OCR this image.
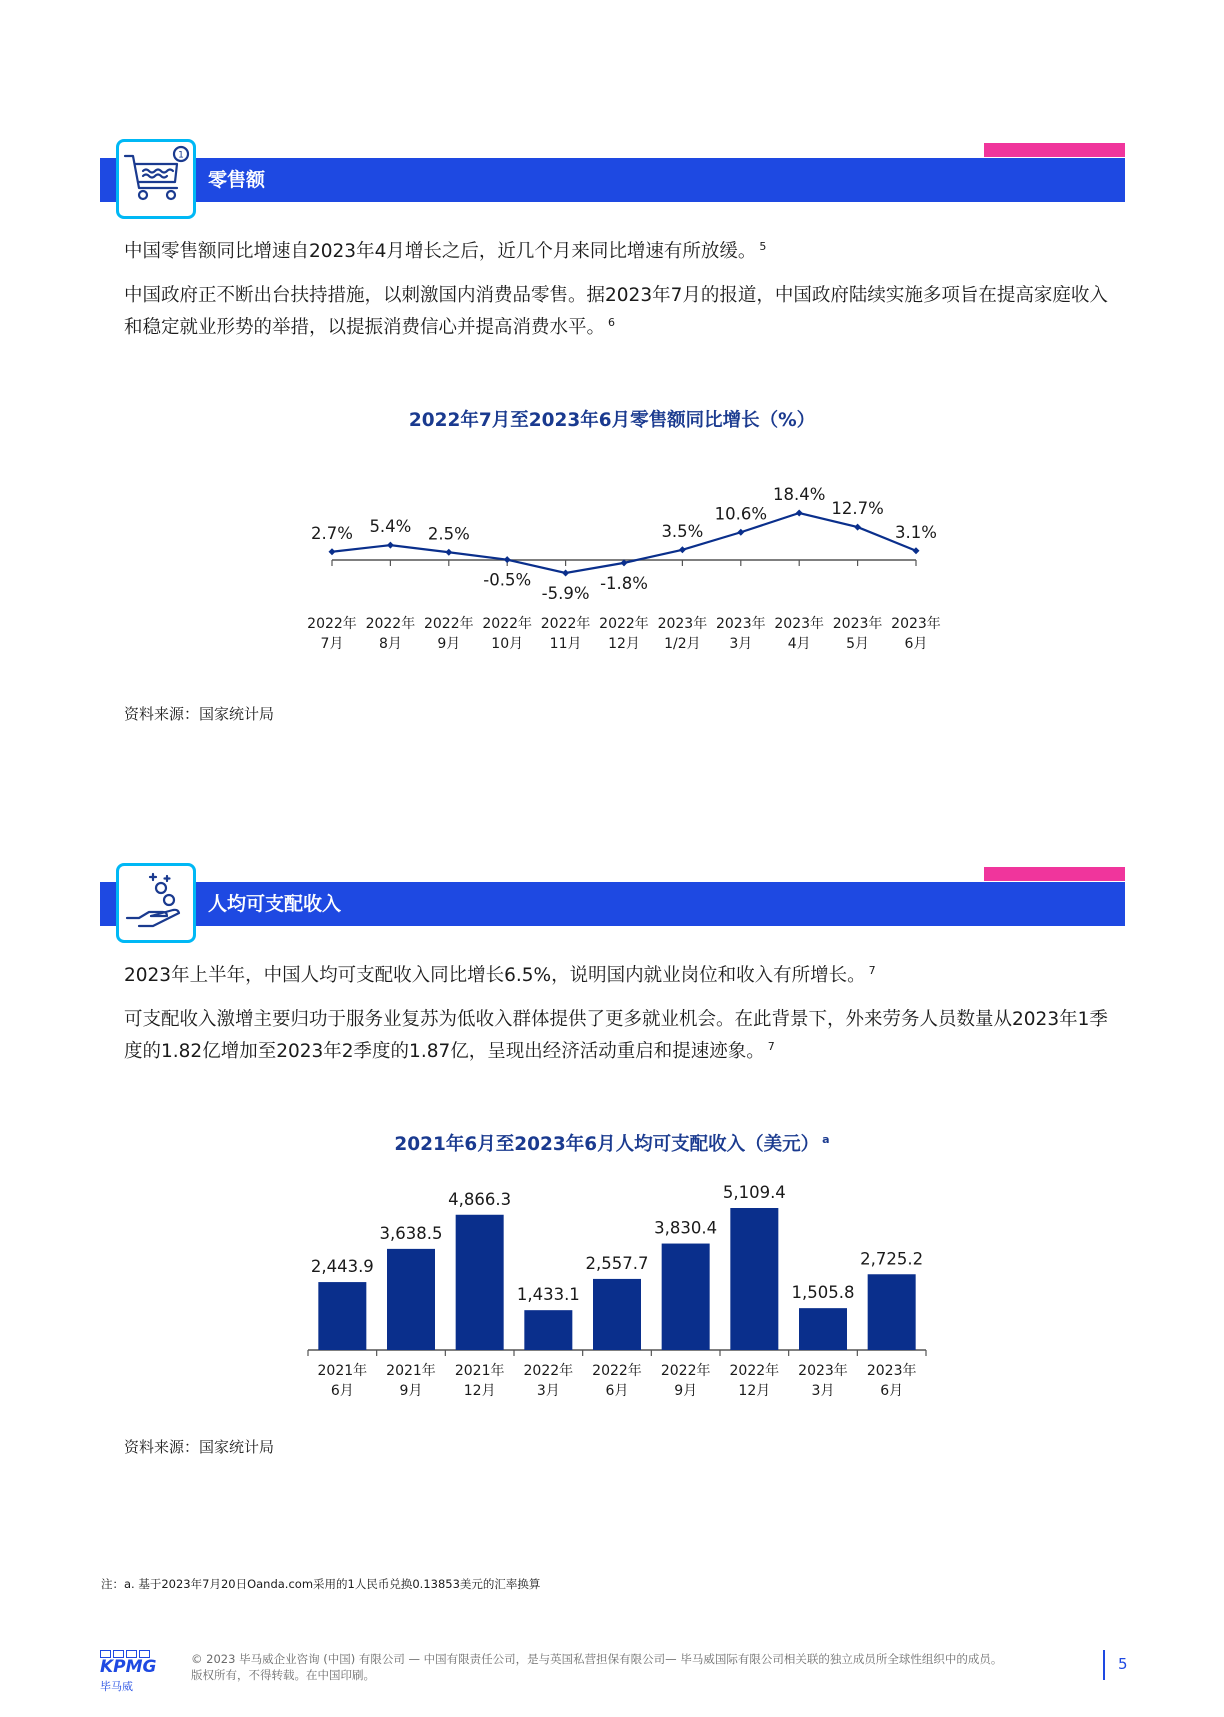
零售额
1
中国零售额同比增速自2023年4月增长之后，近几个月来同比增速有所放缓。 $^5$
中国政府正不断出台扶持措施，以刺激国内消费品零售。据2023年7月的报道，中国政府陆续实施多项旨在提高家庭收入和稳定就业形势的举措，以提振消费信心并提高消费水平。 $^6$
2022年7月至2023年6月零售额同比增长（%）
2.7%
2022年
7月
5.4%
2022年
8月
2.5%
2022年
9月
-0.5%
2022年
10月
-5.9%
2022年
11月
-1.8%
2022年
12月
3.5%
2023年
1/2月
10.6%
2023年
3月
18.4%
2023年
4月
12.7%
2023年
5月
3.1%
2023年
6月
资料来源：国家统计局
人均可支配收入
2023年上半年，中国人均可支配收入同比增长6.5%，说明国内就业岗位和收入有所增长。 $^7$
可支配收入激增主要归功于服务业复苏为低收入群体提供了更多就业机会。在此背景下，外来劳务人员数量从2023年1季度的1.82亿增加至2023年2季度的1.87亿，呈现出经济活动重启和提速迹象。 $^7$
2021年6月至2023年6月人均可支配收入（美元） $^a$
2,443.9
2021年
6月
3,638.5
2021年
9月
4,866.3
2021年
12月
1,433.1
2022年
3月
2,557.7
2022年
6月
3,830.4
2022年
9月
5,109.4
2022年
12月
1,505.8
2023年
3月
2,725.2
2023年
6月
资料来源：国家统计局
注：a. 基于2023年7月20日Oanda.com采用的1人民币兑换0.13853美元的汇率换算
KPMG
毕马威
© 2023 毕马威企业咨询 (中国) 有限公司 — 中国有限责任公司，是与英国私营担保有限公司— 毕马威国际有限公司相关联的独立成员所全球性组织中的成员。
版权所有，不得转载。在中国印刷。
5
